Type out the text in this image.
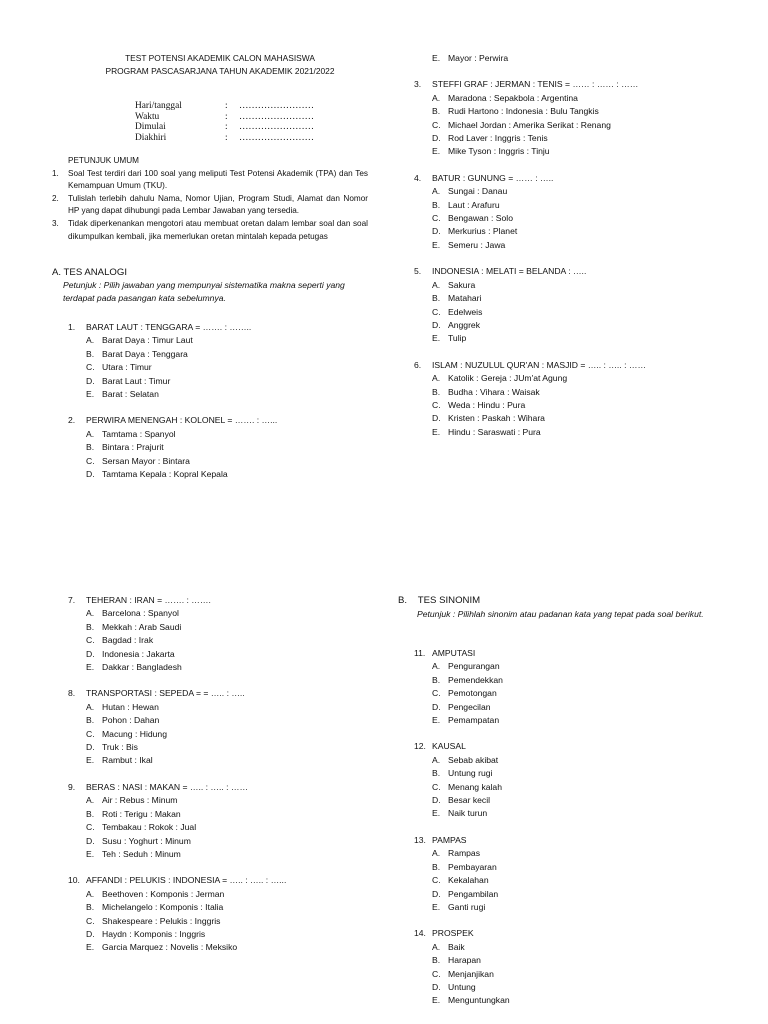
TEST POTENSI AKADEMIK CALON MAHASISWA
PROGRAM PASCASARJANA TAHUN AKADEMIK 2021/2022
Hari/tanggal	:	……………………
Waktu	:	……………………
Dimulai	:	……………………
Diakhiri	:	……………………
PETUNJUK UMUM
1.	Soal Test terdiri dari 100 soal yang meliputi Test Potensi Akademik (TPA) dan Tes Kemampuan Umum (TKU).
2.	Tulislah terlebih dahulu Nama, Nomor Ujian, Program Studi, Alamat dan Nomor HP yang dapat dihubungi pada Lembar Jawaban yang tersedia.
3.	Tidak diperkenankan mengotori atau membuat oretan dalam lembar soal dan soal dikumpulkan kembali, jika memerlukan oretan mintalah kepada petugas
A. TES ANALOGI
Petunjuk : Pilih jawaban yang mempunyai sistematika makna seperti yang terdapat pada pasangan kata sebelumnya.
1.	BARAT LAUT : TENGGARA = ……. : ……..
A. Barat Daya : Timur Laut
B. Barat Daya : Tenggara
C. Utara : Timur
D. Barat Laut : Timur
E. Barat : Selatan
2.	PERWIRA MENENGAH : KOLONEL = ……. : …...
A. Tamtama : Spanyol
B. Bintara : Prajurit
C. Sersan Mayor : Bintara
D. Tamtama Kepala : Kopral Kepala
E. Mayor : Perwira
3.	STEFFI GRAF : JERMAN : TENIS = …… : …… : ……
A. Maradona : Sepakbola : Argentina
B. Rudi Hartono : Indonesia : Bulu Tangkis
C. Michael Jordan : Amerika Serikat : Renang
D. Rod Laver : Inggris : Tenis
E. Mike Tyson : Inggris : Tinju
4.	BATUR : GUNUNG = …… : …..
A. Sungai : Danau
B. Laut : Arafuru
C. Bengawan : Solo
D. Merkurius : Planet
E. Semeru : Jawa
5.	INDONESIA : MELATI = BELANDA : …..
A. Sakura
B. Matahari
C. Edelweis
D. Anggrek
E. Tulip
6.	ISLAM : NUZULUL QUR'AN : MASJID = ….. : ….. : ……
A. Katolik : Gereja : JUm'at Agung
B. Budha : Vihara : Waisak
C. Weda : Hindu : Pura
D. Kristen : Paskah : Wihara
E. Hindu : Saraswati : Pura
7.	TEHERAN : IRAN = ……. : …….
A. Barcelona : Spanyol
B. Mekkah : Arab Saudi
C. Bagdad : Irak
D. Indonesia : Jakarta
E. Dakkar : Bangladesh
8.	TRANSPORTASI : SEPEDA = = ….. : …..
A. Hutan : Hewan
B. Pohon : Dahan
C. Macung : Hidung
D. Truk : Bis
E. Rambut : Ikal
9.	BERAS : NASI : MAKAN = ….. : ….. : ……
A. Air : Rebus : Minum
B. Roti : Terigu : Makan
C. Tembakau : Rokok : Jual
D. Susu : Yoghurt : Minum
E. Teh : Seduh : Minum
10. AFFANDI : PELUKIS : INDONESIA = ….. : ….. : …...
A. Beethoven : Komponis : Jerman
B. Michelangelo : Komponis : Italia
C. Shakespeare : Pelukis : Inggris
D. Haydn : Komponis : Inggris
E. Garcia Marquez : Novelis : Meksiko
B. TES SINONIM
Petunjuk : Pilihlah sinonim atau padanan kata yang tepat pada soal berikut.
11. AMPUTASI
A. Pengurangan
B. Pemendekkan
C. Pemotongan
D. Pengecilan
E. Pemampatan
12. KAUSAL
A. Sebab akibat
B. Untung rugi
C. Menang kalah
D. Besar kecil
E. Naik turun
13. PAMPAS
A. Rampas
B. Pembayaran
C. Kekalahan
D. Pengambilan
E. Ganti rugi
14. PROSPEK
A. Baik
B. Harapan
C. Menjanjikan
D. Untung
E. Menguntungkan
